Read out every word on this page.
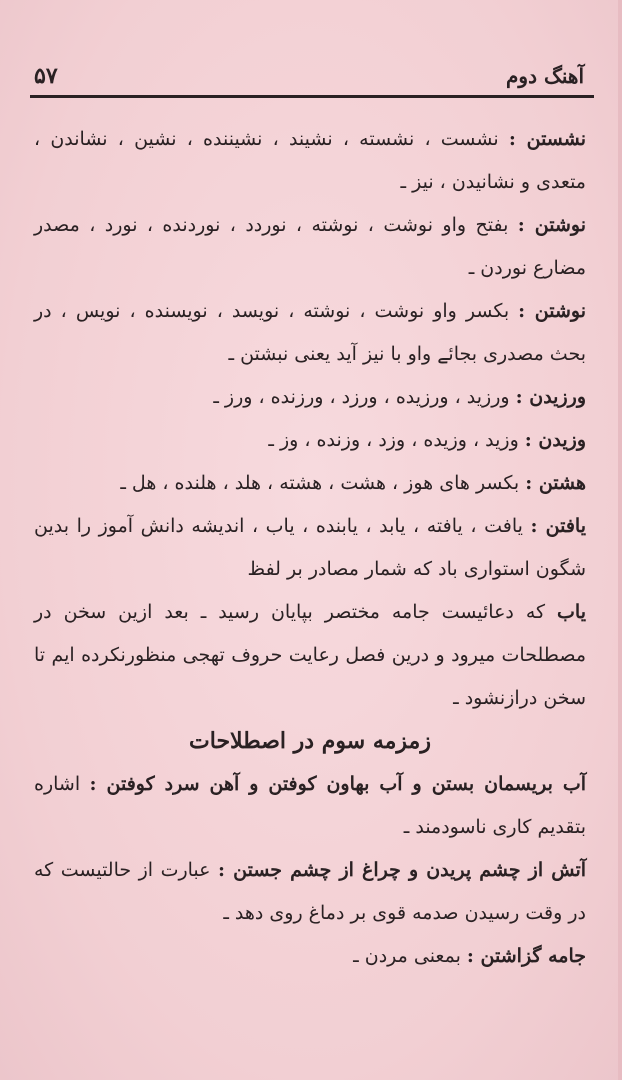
۵۷	آهنگ دوم

نشستن : نشست ، نشسته ، نشیند ، نشیننده ، نشین ، نشاندن ، متعدی و نشانیدن ، نیز ـ

نوشتن : بفتح واو نوشت ، نوشته ، نوردد ، نوردنده ، نورد ، مصدر مضارع نوردن ـ

نوشتن : بکسر واو نوشت ، نوشته ، نویسد ، نویسنده ، نویس ، در بحث مصدری بجائے واو با نیز آید یعنی نبشتن ـ

ورزیدن : ورزید ، ورزیده ، ورزد ، ورزنده ، ورز ـ

وزیدن : وزید ، وزیده ، وزد ، وزنده ، وز ـ

هشتن : بکسر های هوز ، هشت ، هشته ، هلد ، هلنده ، هل ـ

یافتن : یافت ، یافته ، یابد ، یابنده ، یاب ، اندیشه دانش آموز را بدین شگون استواری باد که شمار مصادر بر لفظ

یاب که دعائیست جامه مختصر بپایان رسید ـ بعد ازین سخن در مصطلحات میرود و درین فصل رعایت حروف تهجی منظورنکرده ایم تا سخن درازنشود ـ

زمزمه سوم در اصطلاحات

آب بریسمان بستن و آب بهاون کوفتن و آهن سرد کوفتن : اشاره بتقدیم کاری ناسودمند ـ

آتش از چشم پریدن و چراغ از چشم جستن : عبارت از حالتیست که در وقت رسیدن صدمه قوی بر دماغ روی دهد ـ

جامه گزاشتن : بمعنی مردن ـ
